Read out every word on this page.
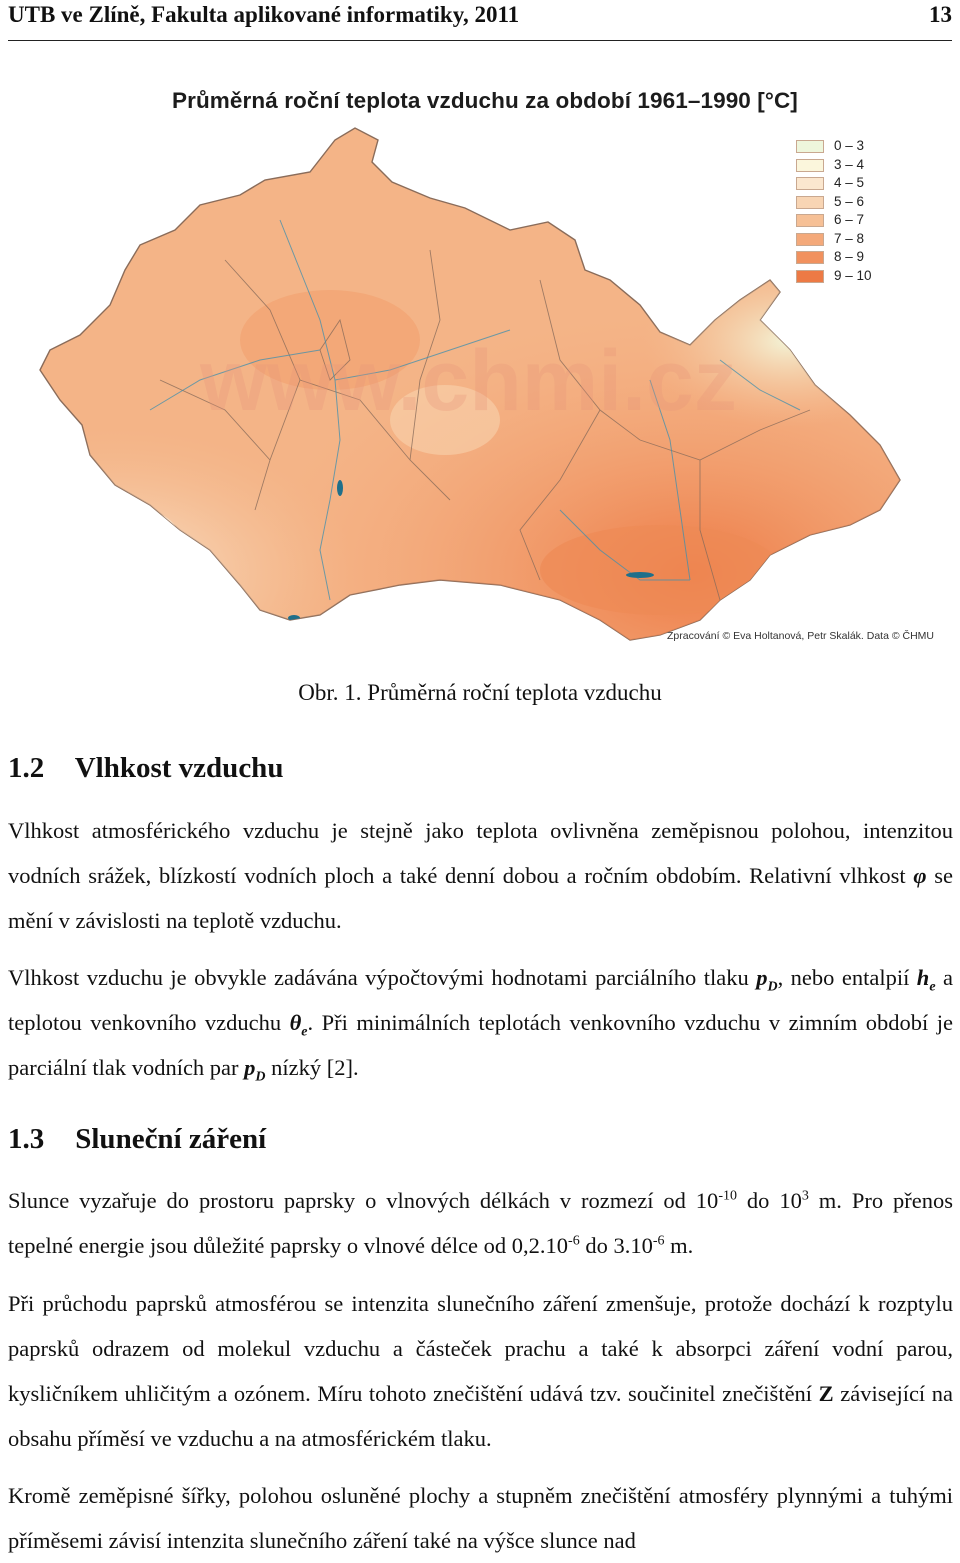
UTB ve Zlíně, Fakulta aplikované informatiky, 2011	13
Průměrná roční teplota vzduchu za období 1961–1990 [°C]
www.chmi.cz
0 – 3
3 – 4
4 – 5
5 – 6
6 – 7
7 – 8
8 – 9
9 – 10
Zpracování © Eva Holtanová, Petr Skalák. Data © ČHMU
Obr. 1. Průměrná roční teplota vzduchu
1.2 Vlhkost vzduchu
Vlhkost atmosférického vzduchu je stejně jako teplota ovlivněna zeměpisnou polohou, intenzitou vodních srážek, blízkostí vodních ploch a také denní dobou a ročním obdobím. Relativní vlhkost φ se mění v závislosti na teplotě vzduchu.
Vlhkost vzduchu je obvykle zadávána výpočtovými hodnotami parciálního tlaku $p_D$, nebo entalpií $h_e$ a teplotou venkovního vzduchu $\theta_e$. Při minimálních teplotách venkovního vzduchu v zimním období je parciální tlak vodních par $p_D$ nízký [2].
1.3 Sluneční záření
Slunce vyzařuje do prostoru paprsky o vlnových délkách v rozmezí od $10^{-10}$ do $10^3$ m. Pro přenos tepelné energie jsou důležité paprsky o vlnové délce od $0,2.10^{-6}$ do $3.10^{-6}$ m.
Při průchodu paprsků atmosférou se intenzita slunečního záření zmenšuje, protože dochází k rozptylu paprsků odrazem od molekul vzduchu a částeček prachu a také k absorpci záření vodní parou, kysličníkem uhličitým a ozónem. Míru tohoto znečištění udává tzv. součinitel znečištění Z závisející na obsahu příměsí ve vzduchu a na atmosférickém tlaku.
Kromě zeměpisné šířky, polohou osluněné plochy a stupněm znečištění atmosféry plynnými a tuhými příměsemi závisí intenzita slunečního záření také na výšce slunce nad
